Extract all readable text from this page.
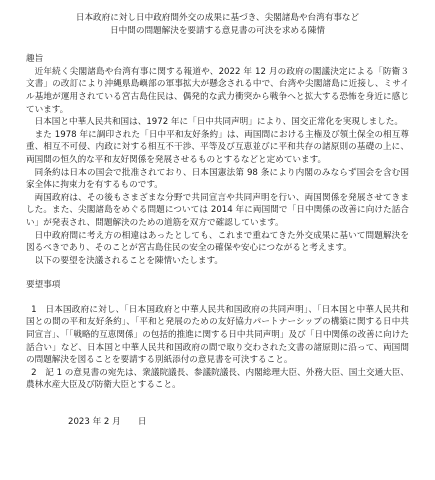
日本政府に対し日中政府間外交の成果に基づき、尖閣諸島や台湾有事など
日中間の問題解決を要請する意見書の可決を求める陳情
趣旨

近年続く尖閣諸島や台湾有事に関する報道や、2022 年 12 月の政府の閣議決定による「防衛３文書」の改訂により沖縄県島嶼部の軍事拡大が懸念される中で、台湾や尖閣諸島に近接し、ミサイル基地が運用されている宮古島住民は、偶発的な武力衝突から戦争へと拡大する恐怖を身近に感じています。

日本国と中華人民共和国は、1972 年に「日中共同声明」により、国交正常化を実現しました。

また 1978 年に調印された「日中平和友好条約」は、両国間における主権及び領土保全の相互尊重、相互不可侵、内政に対する相互不干渉、平等及び互恵並びに平和共存の諸原則の基礎の上に、両国間の恒久的な平和友好関係を発展させるものとするなどと定めています。

同条約は日本の国会で批准されており、日本国憲法第 98 条により内閣のみならず国会を含む国家全体に拘束力を有するものです。

両国政府は、その後もさまざまな分野で共同宣言や共同声明を行い、両国関係を発展させてきました。また、尖閣諸島をめぐる問題については 2014 年に両国間で「日中関係の改善に向けた話合い」が発表され、問題解決のための道筋を双方で確認しています。

日中政府間に考え方の相違はあったとしても、これまで重ねてきた外交成果に基いて問題解決を図るべきであり、そのことが宮古島住民の安全の確保や安心につながると考えます。

以下の要望を決議されることを陳情いたします。

要望事項

1　日本国政府に対し、「日本国政府と中華人民共和国政府の共同声明」、「日本国と中華人民共和国との間の平和友好条約」、「平和と発展のための友好協力パートナーシップの構築に関する日中共同宣言」、「「戦略的互恵関係」の包括的推進に関する日中共同声明」及び「日中関係の改善に向けた話合い」など、日本国と中華人民共和国政府の間で取り交わされた文書の諸原則に沿って、両国間の問題解決を図ることを要請する別紙添付の意見書を可決すること。

2　記 1 の意見書の宛先は、衆議院議長、参議院議長、内閣総理大臣、外務大臣、国土交通大臣、農林水産大臣及び防衛大臣とすること。

2023 年 2 月　　日
